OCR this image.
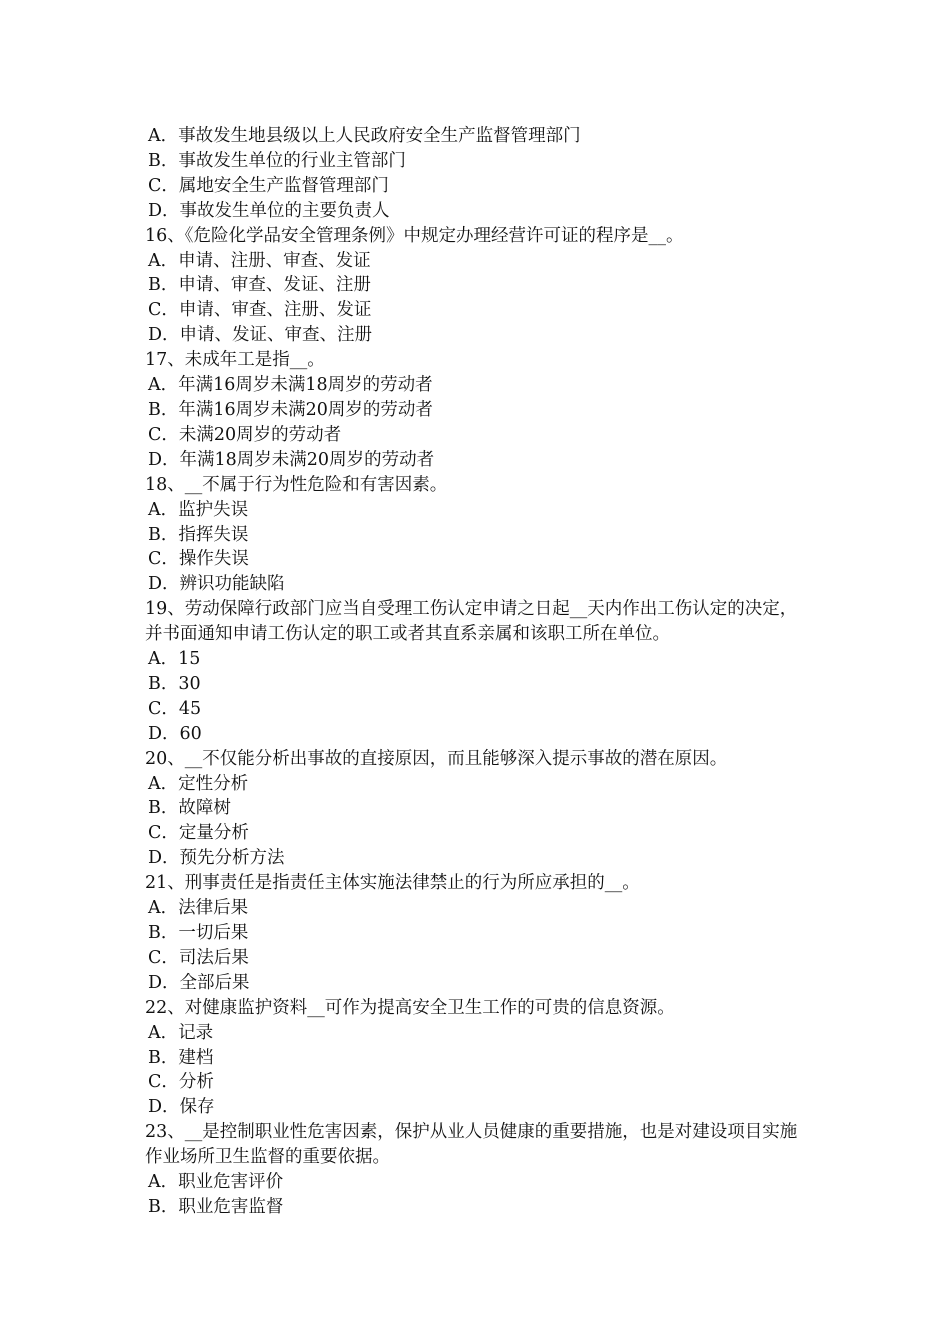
A．事故发生地县级以上人民政府安全生产监督管理部门
B．事故发生单位的行业主管部门
C．属地安全生产监督管理部门
D．事故发生单位的主要负责人
16、《危险化学品安全管理条例》中规定办理经营许可证的程序是__。
A．申请、注册、审查、发证
B．申请、审查、发证、注册
C．申请、审查、注册、发证
D．申请、发证、审查、注册
17、未成年工是指__。
A．年满16周岁未满18周岁的劳动者
B．年满16周岁未满20周岁的劳动者
C．未满20周岁的劳动者
D．年满18周岁未满20周岁的劳动者
18、__不属于行为性危险和有害因素。
A．监护失误
B．指挥失误
C．操作失误
D．辨识功能缺陷
19、劳动保障行政部门应当自受理工伤认定申请之日起__天内作出工伤认定的决定，并书面通知申请工伤认定的职工或者其直系亲属和该职工所在单位。
A．15
B．30
C．45
D．60
20、__不仅能分析出事故的直接原因，而且能够深入提示事故的潜在原因。
A．定性分析
B．故障树
C．定量分析
D．预先分析方法
21、刑事责任是指责任主体实施法律禁止的行为所应承担的__。
A．法律后果
B．一切后果
C．司法后果
D．全部后果
22、对健康监护资料__可作为提高安全卫生工作的可贵的信息资源。
A．记录
B．建档
C．分析
D．保存
23、__是控制职业性危害因素，保护从业人员健康的重要措施，也是对建设项目实施作业场所卫生监督的重要依据。
A．职业危害评价
B．职业危害监督
